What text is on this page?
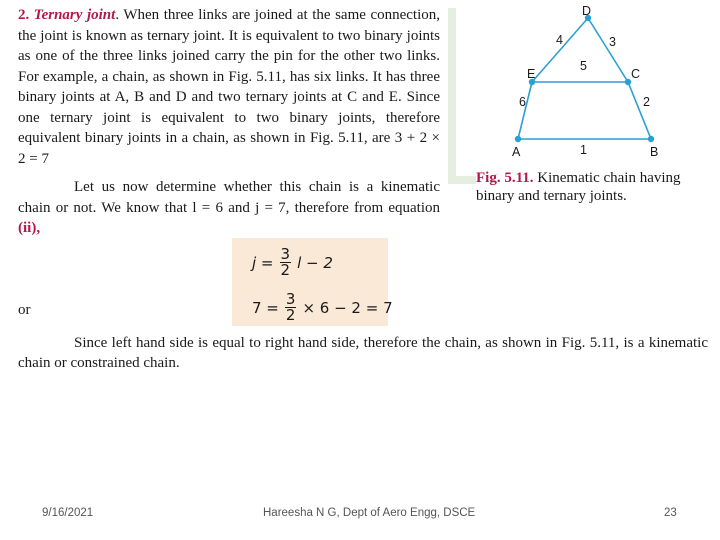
2. Ternary joint. When three links are joined at the same connection, the joint is known as ternary joint. It is equivalent to two binary joints as one of the three links joined carry the pin for the other two links. For example, a chain, as shown in Fig. 5.11, has six links. It has three binary joints at A, B and D and two ternary joints at C and E. Since one ternary joint is equivalent to two binary joints, therefore equivalent binary joints in a chain, as shown in Fig. 5.11, are 3 + 2 × 2 = 7
Let us now determine whether this chain is a kinematic chain or not. We know that l = 6 and j = 7, therefore from equation (ii),
D
E	C
A	B
4	3
5
6	2
1
Fig. 5.11. Kinematic chain having binary and ternary joints.
$j = \frac{3}{2}$ l − 2
or	$7 = \frac{3}{2} \times 6 - 2 = 7$
Since left hand side is equal to right hand side, therefore the chain, as shown in Fig. 5.11, is a kinematic chain or constrained chain.
9/16/2021	Hareesha N G, Dept of Aero Engg, DSCE	23
